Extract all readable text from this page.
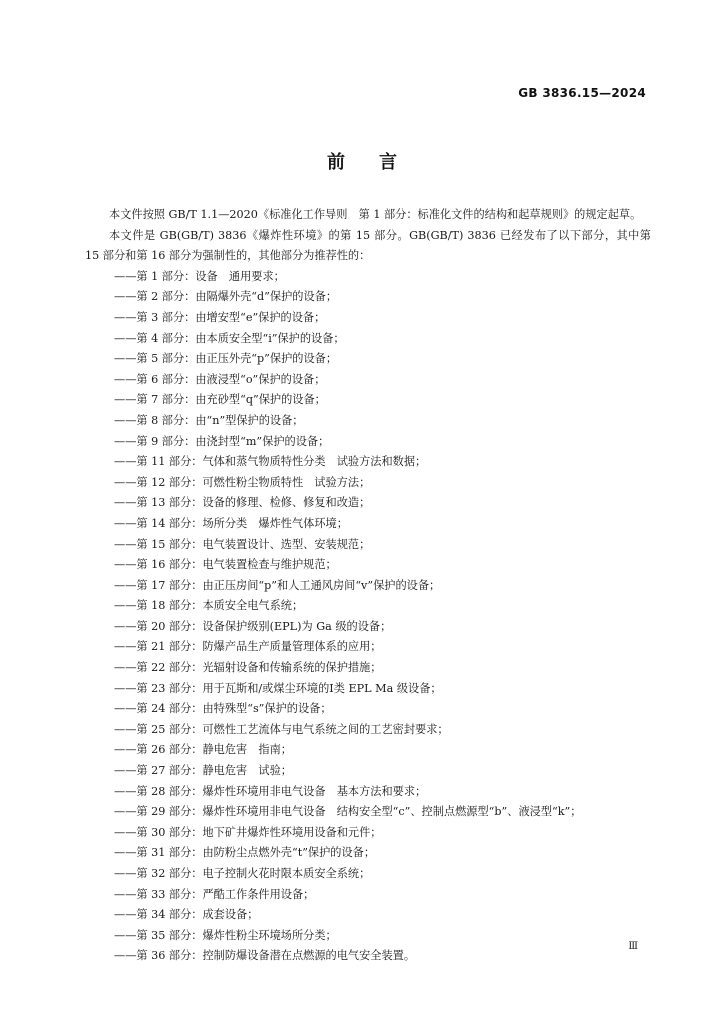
GB 3836.15—2024
前言

本文件按照 GB/T 1.1—2020《标准化工作导则　第 1 部分：标准化文件的结构和起草规则》的规定起草。

本文件是 GB(GB/T) 3836《爆炸性环境》的第 15 部分。GB(GB/T) 3836 已经发布了以下部分，其中第 15 部分和第 16 部分为强制性的，其他部分为推荐性的：

——第 1 部分：设备　通用要求；
——第 2 部分：由隔爆外壳“d”保护的设备；
——第 3 部分：由增安型“e”保护的设备；
——第 4 部分：由本质安全型“i”保护的设备；
——第 5 部分：由正压外壳“p”保护的设备；
——第 6 部分：由液浸型“o”保护的设备；
——第 7 部分：由充砂型“q”保护的设备；
——第 8 部分：由“n”型保护的设备；
——第 9 部分：由浇封型“m”保护的设备；
——第 11 部分：气体和蒸气物质特性分类　试验方法和数据；
——第 12 部分：可燃性粉尘物质特性　试验方法；
——第 13 部分：设备的修理、检修、修复和改造；
——第 14 部分：场所分类　爆炸性气体环境；
——第 15 部分：电气装置设计、选型、安装规范；
——第 16 部分：电气装置检查与维护规范；
——第 17 部分：由正压房间“p”和人工通风房间“v”保护的设备；
——第 18 部分：本质安全电气系统；
——第 20 部分：设备保护级别(EPL)为 Ga 级的设备；
——第 21 部分：防爆产品生产质量管理体系的应用；
——第 22 部分：光辐射设备和传输系统的保护措施；
——第 23 部分：用于瓦斯和/或煤尘环境的Ⅰ类 EPL Ma 级设备；
——第 24 部分：由特殊型“s”保护的设备；
——第 25 部分：可燃性工艺流体与电气系统之间的工艺密封要求；
——第 26 部分：静电危害　指南；
——第 27 部分：静电危害　试验；
——第 28 部分：爆炸性环境用非电气设备　基本方法和要求；
——第 29 部分：爆炸性环境用非电气设备　结构安全型“c”、控制点燃源型“b”、液浸型“k”；
——第 30 部分：地下矿井爆炸性环境用设备和元件；
——第 31 部分：由防粉尘点燃外壳“t”保护的设备；
——第 32 部分：电子控制火花时限本质安全系统；
——第 33 部分：严酷工作条件用设备；
——第 34 部分：成套设备；
——第 35 部分：爆炸性粉尘环境场所分类；
——第 36 部分：控制防爆设备潜在点燃源的电气安全装置。
Ⅲ
